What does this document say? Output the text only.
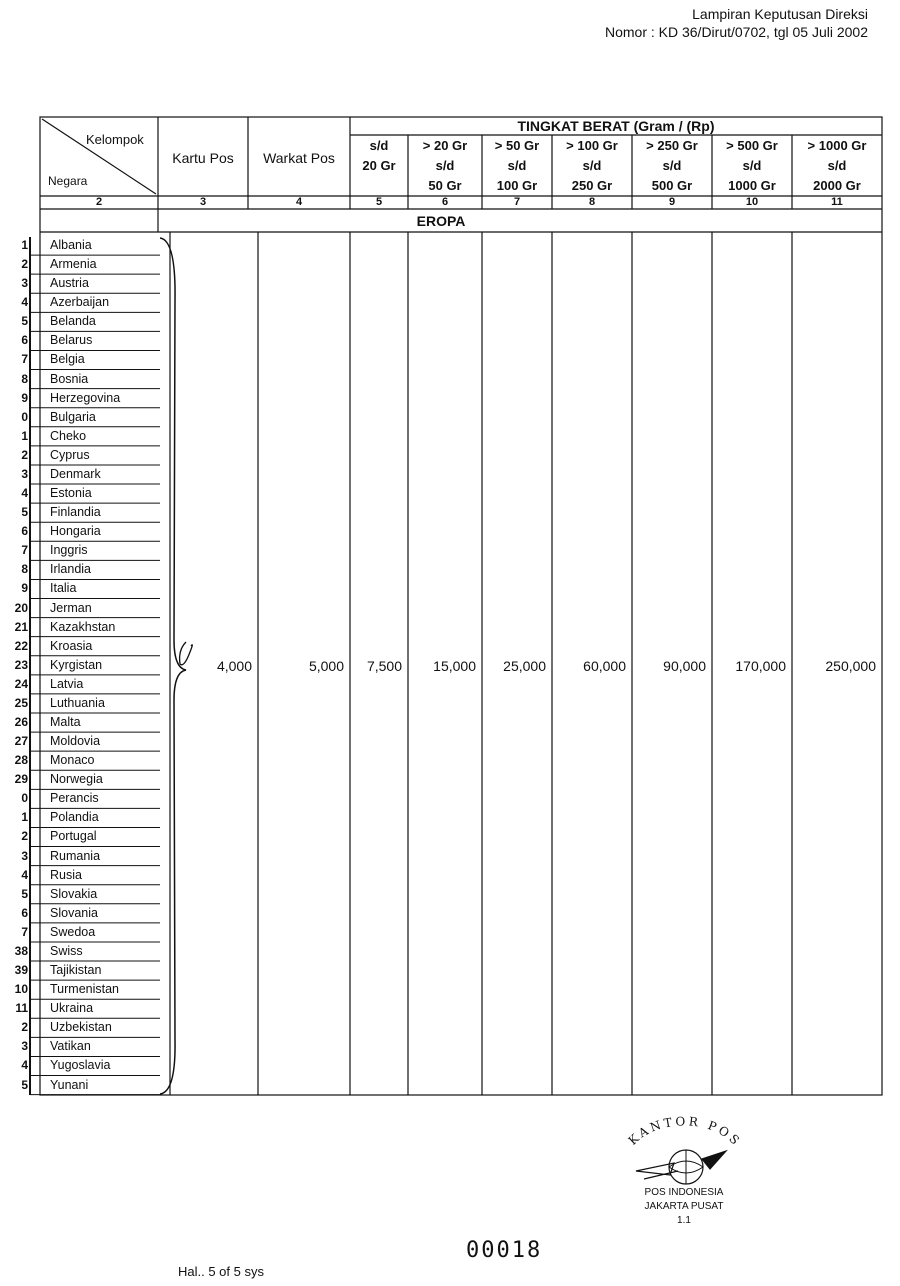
Lampiran Keputusan Direksi
Nomor : KD 36/Dirut/0702, tgl 05 Juli 2002
Kelompok
Negara
Kartu Pos	Warkat Pos
TINGKAT BERAT (Gram / (Rp)
s/d
20 Gr
> 20 Gr
s/d
50 Gr
> 50 Gr
s/d
100 Gr
> 100 Gr
s/d
250 Gr
> 250 Gr
s/d
500 Gr
> 500 Gr
s/d
1000 Gr
> 1000 Gr
s/d
2000 Gr
2	3	4	5	6	7	8	9	10	11
EROPA
1 Albania
2 Armenia
3 Austria
4 Azerbaijan
5 Belanda
6 Belarus
7 Belgia
8 Bosnia
9 Herzegovina
0 Bulgaria
1 Cheko
2 Cyprus
3 Denmark
4 Estonia
5 Finlandia
6 Hongaria
7 Inggris
8 Irlandia
9 Italia
20 Jerman
21 Kazakhstan
22 Kroasia
23 Kyrgistan
24 Latvia
25 Luthuania
26 Malta
27 Moldovia
28 Monaco
29 Norwegia
0 Perancis
1 Polandia
2 Portugal
3 Rumania
4 Rusia
5 Slovakia
6 Slovania
7 Swedoa
38 Swiss
39 Tajikistan
10 Turmenistan
11 Ukraina
2 Uzbekistan
3 Vatikan
4 Yugoslavia
5 Yunani
4,000	5,000	7,500	15,000	25,000	60,000	90,000	170,000	250,000
KANTOR POS
POS INDONESIA
JAKARTA PUSAT
1.1
00018
Hal.. 5 of 5 sys
